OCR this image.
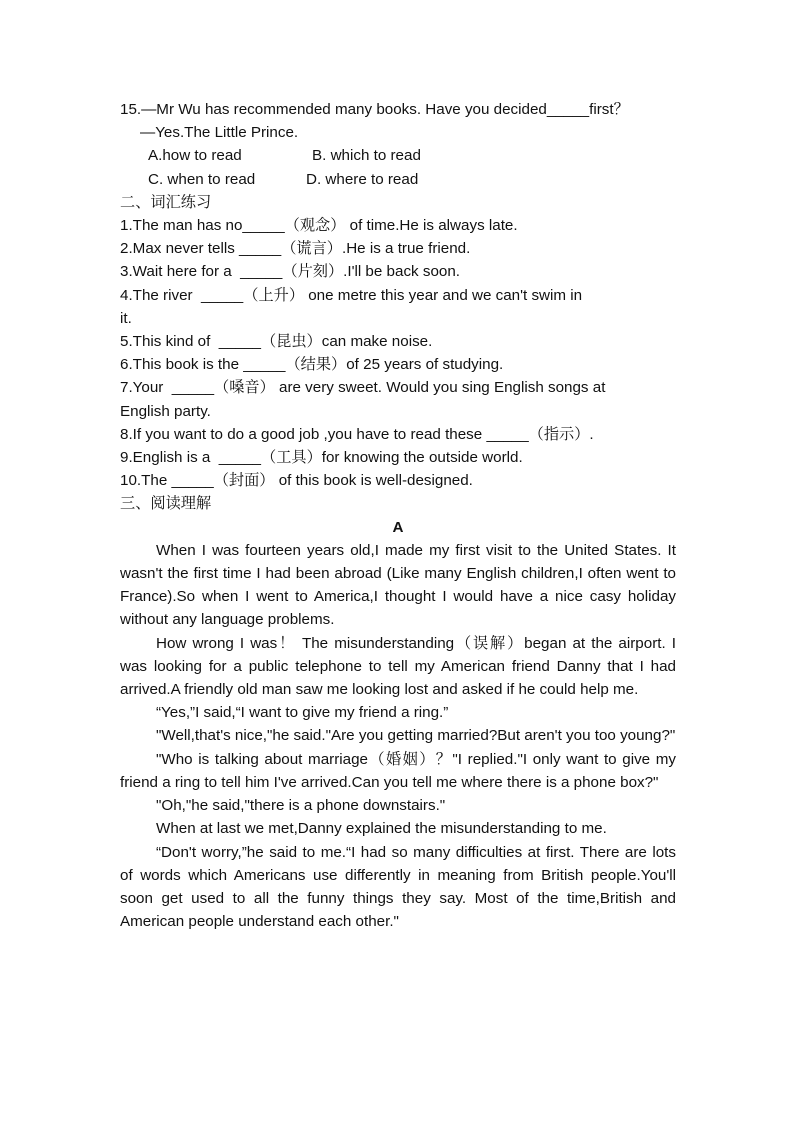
15.—Mr Wu has recommended many books. Have you decided_____first？
—Yes.The Little Prince.
A.how to read	B. which to read
C. when to read	D. where to read
二、词汇练习
1.The man has no_____（观念） of time.He is always late.
2.Max never tells _____（谎言）.He is a true friend.
3.Wait here for a  _____（片刻）.I'll be back soon.
4.The river  _____（上升） one metre this year and we can't swim in
it.
5.This kind of  _____（昆虫）can make noise.
6.This book is the _____（结果）of 25 years of studying.
7.Your  _____（嗓音） are very sweet. Would you sing English songs at
English party.
8.If you want to do a good job ,you have to read these _____（指示）.
9.English is a  _____（工具）for knowing the outside world.
10.The _____（封面） of this book is well-designed.
三、阅读理解
A
When I was fourteen years old,I made my first visit to the United States. It wasn't the first time I had been abroad (Like many English children,I often went to France).So when I went to America,I thought I would have a nice casy holiday without any language problems.
How wrong I was！ The misunderstanding（误解）began at the airport. I was looking for a public telephone to tell my American friend Danny that I had arrived.A friendly old man saw me looking lost and asked if he could help me.
“Yes,”I said,“I want to give my friend a ring.”
"Well,that's nice,"he said."Are you getting married?But aren't you too young?"
"Who is talking about marriage（婚姻）？"I replied."I only want to give my friend a ring to tell him I've arrived.Can you tell me where there is a phone box?"
"Oh,"he said,"there is a phone downstairs."
When at last we met,Danny explained the misunderstanding to me.
“Don't worry,”he said to me.“I had so many difficulties at first. There are lots of words which Americans use differently in meaning from British people.You'll soon get used to all the funny things they say. Most of the time,British and American people understand each other."
